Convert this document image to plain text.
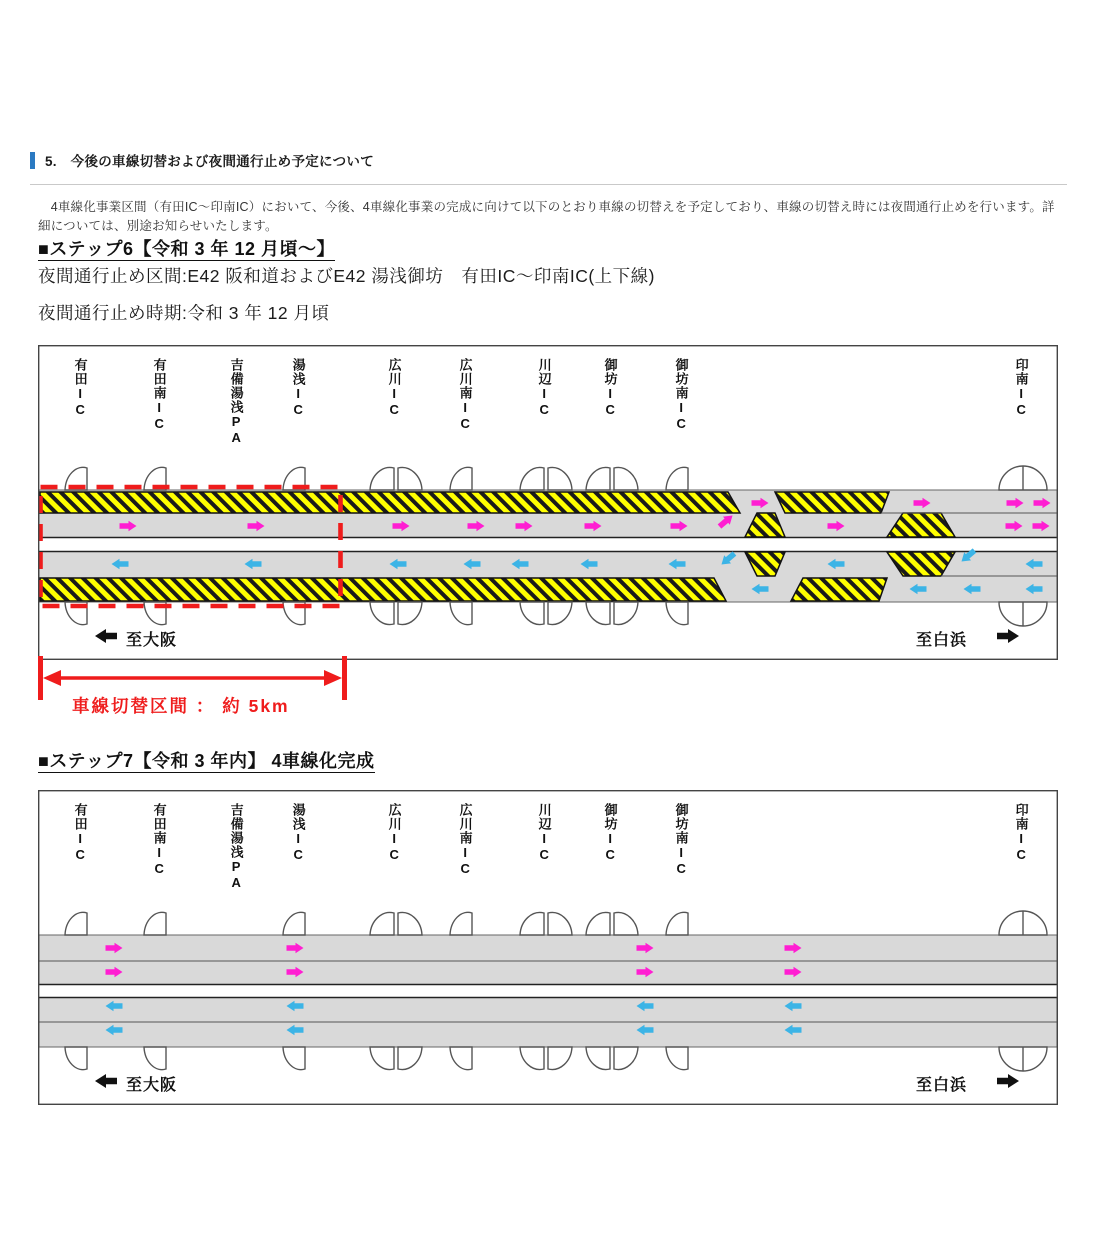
5.　今後の車線切替および夜間通行止め予定について
　4車線化事業区間（有田IC～印南IC）において、今後、4車線化事業の完成に向けて以下のとおり車線の切替えを予定しており、車線の切替え時には夜間通行止めを行います。詳
細については、別途お知らせいたします。
■ステップ6【令和 3 年 12 月頃～】
夜間通行止め区間:E42 阪和道およびE42 湯浅御坊　有田IC～印南IC(上下線)
夜間通行止め時期:令和 3 年 12 月頃
有田IC	有田南IC	吉備湯浅PA	湯浅IC	広川IC	広川南IC	川辺IC	御坊IC	御坊南IC	印南IC
至大阪	至白浜
車線切替区間 ： 約 5km
■ステップ7【令和 3 年内】 4車線化完成
有田IC	有田南IC	吉備湯浅PA	湯浅IC	広川IC	広川南IC	川辺IC	御坊IC	御坊南IC	印南IC
至大阪	至白浜
